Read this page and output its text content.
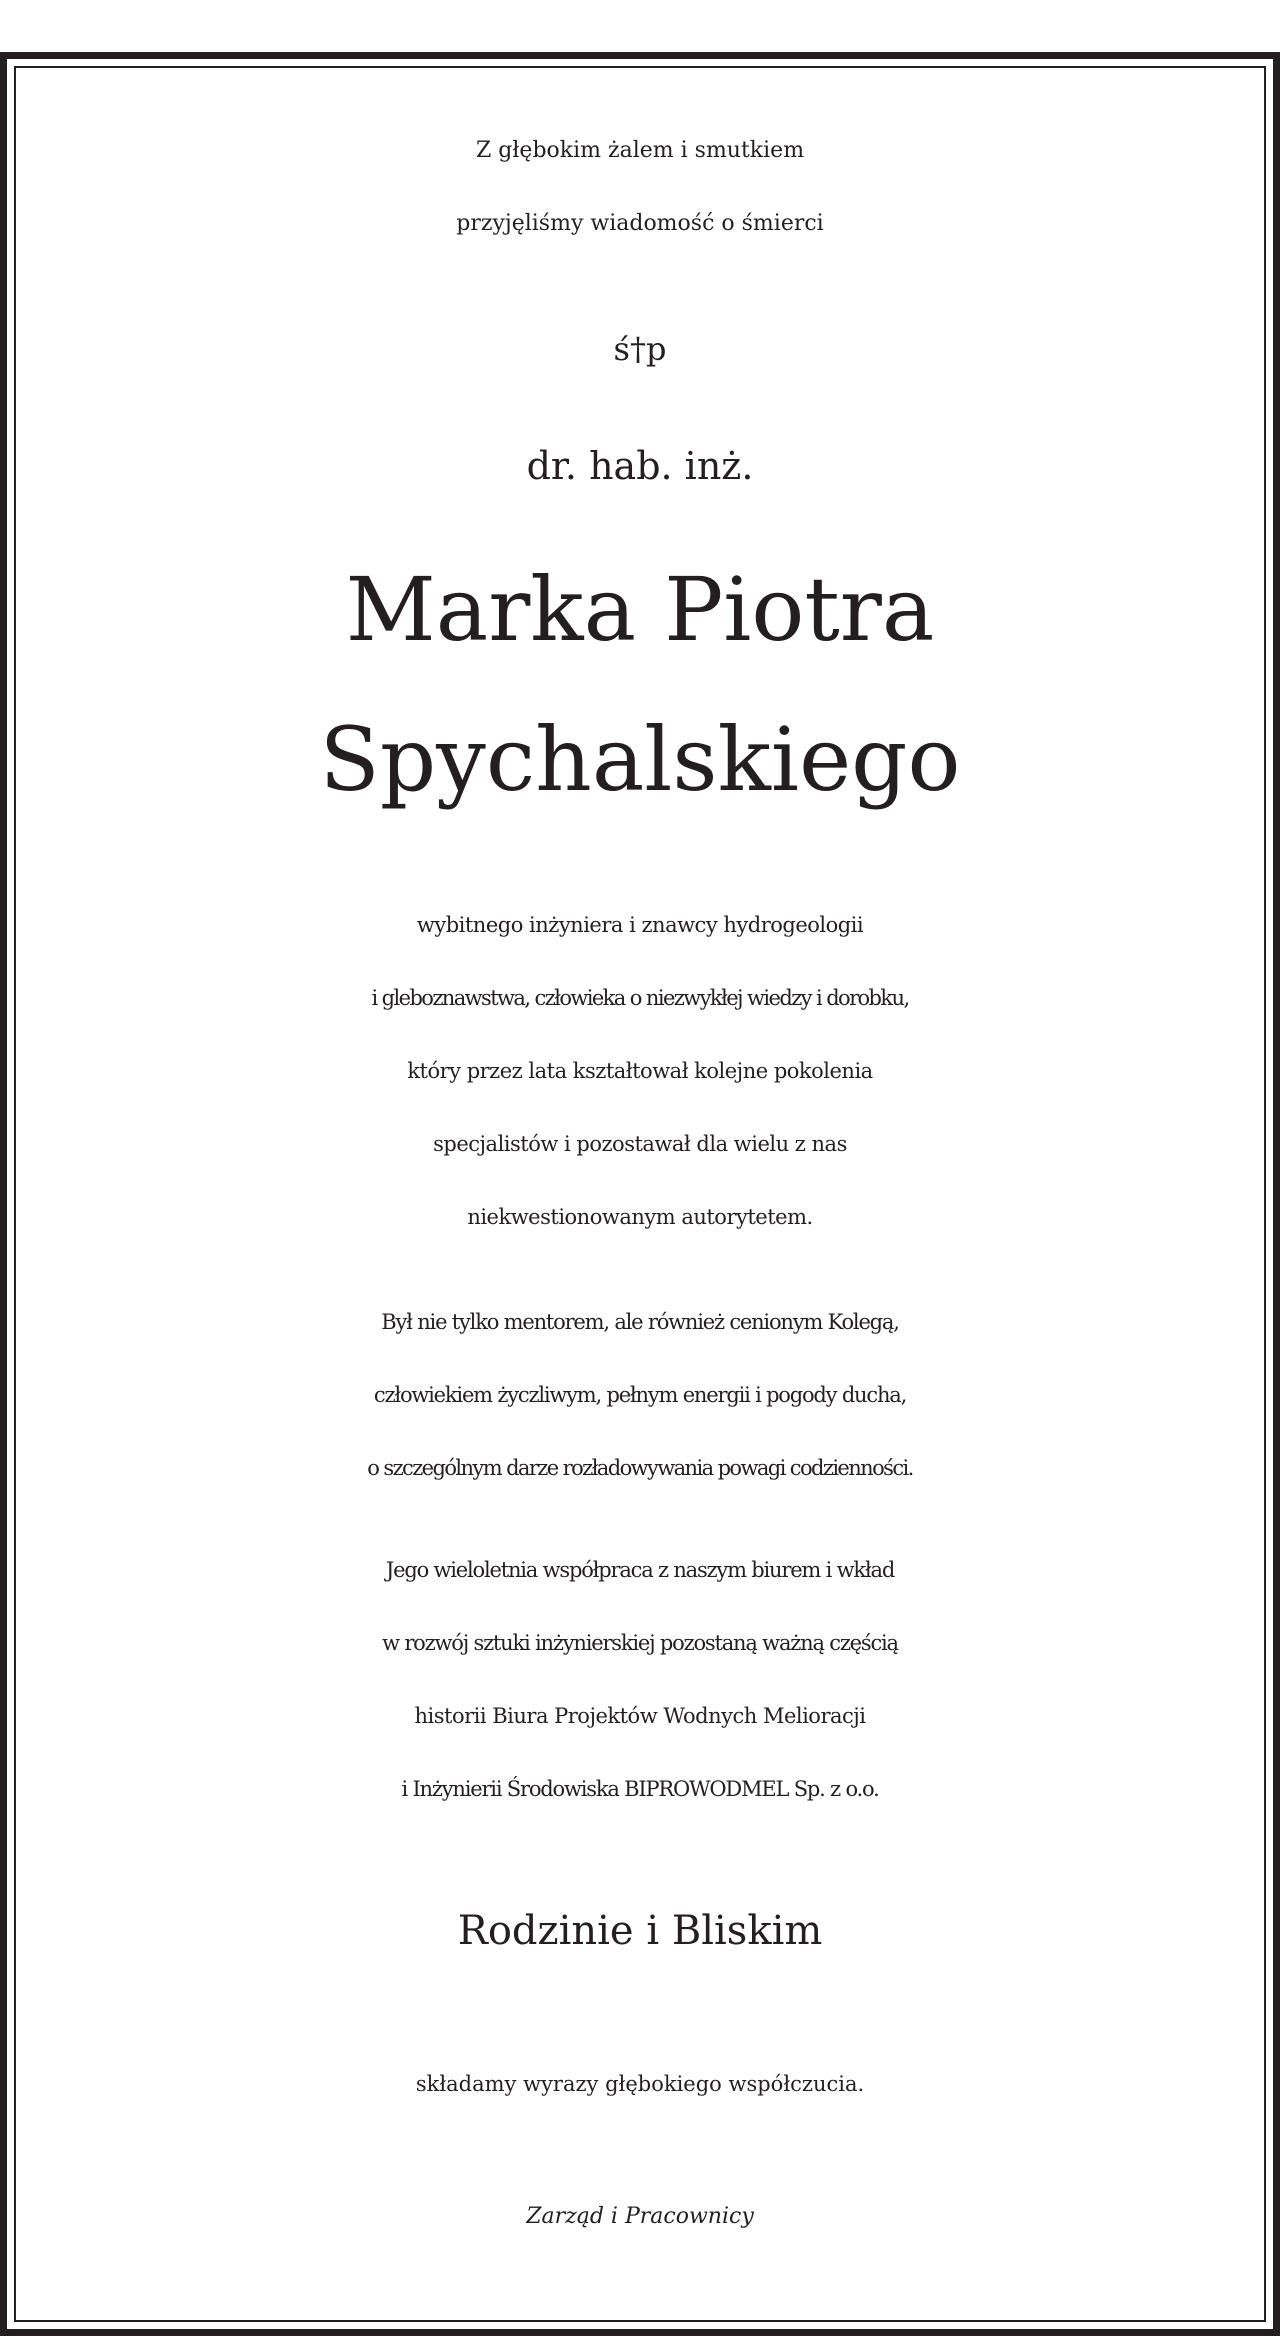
Z głębokim żalem i smutkiem
przyjęliśmy wiadomość o śmierci
ś†p
dr. hab. inż.
Marka Piotra
Spychalskiego
wybitnego inżyniera i znawcy hydrogeologii
i gleboznawstwa, człowieka o niezwykłej wiedzy i dorobku,
który przez lata kształtował kolejne pokolenia
specjalistów i pozostawał dla wielu z nas
niekwestionowanym autorytetem.
Był nie tylko mentorem, ale również cenionym Kolegą,
człowiekiem życzliwym, pełnym energii i pogody ducha,
o szczególnym darze rozładowywania powagi codzienności.
Jego wieloletnia współpraca z naszym biurem i wkład
w rozwój sztuki inżynierskiej pozostaną ważną częścią
historii Biura Projektów Wodnych Melioracji
i Inżynierii Środowiska BIPROWODMEL Sp. z o.o.
Rodzinie i Bliskim
składamy wyrazy głębokiego współczucia.
Zarząd i Pracownicy
